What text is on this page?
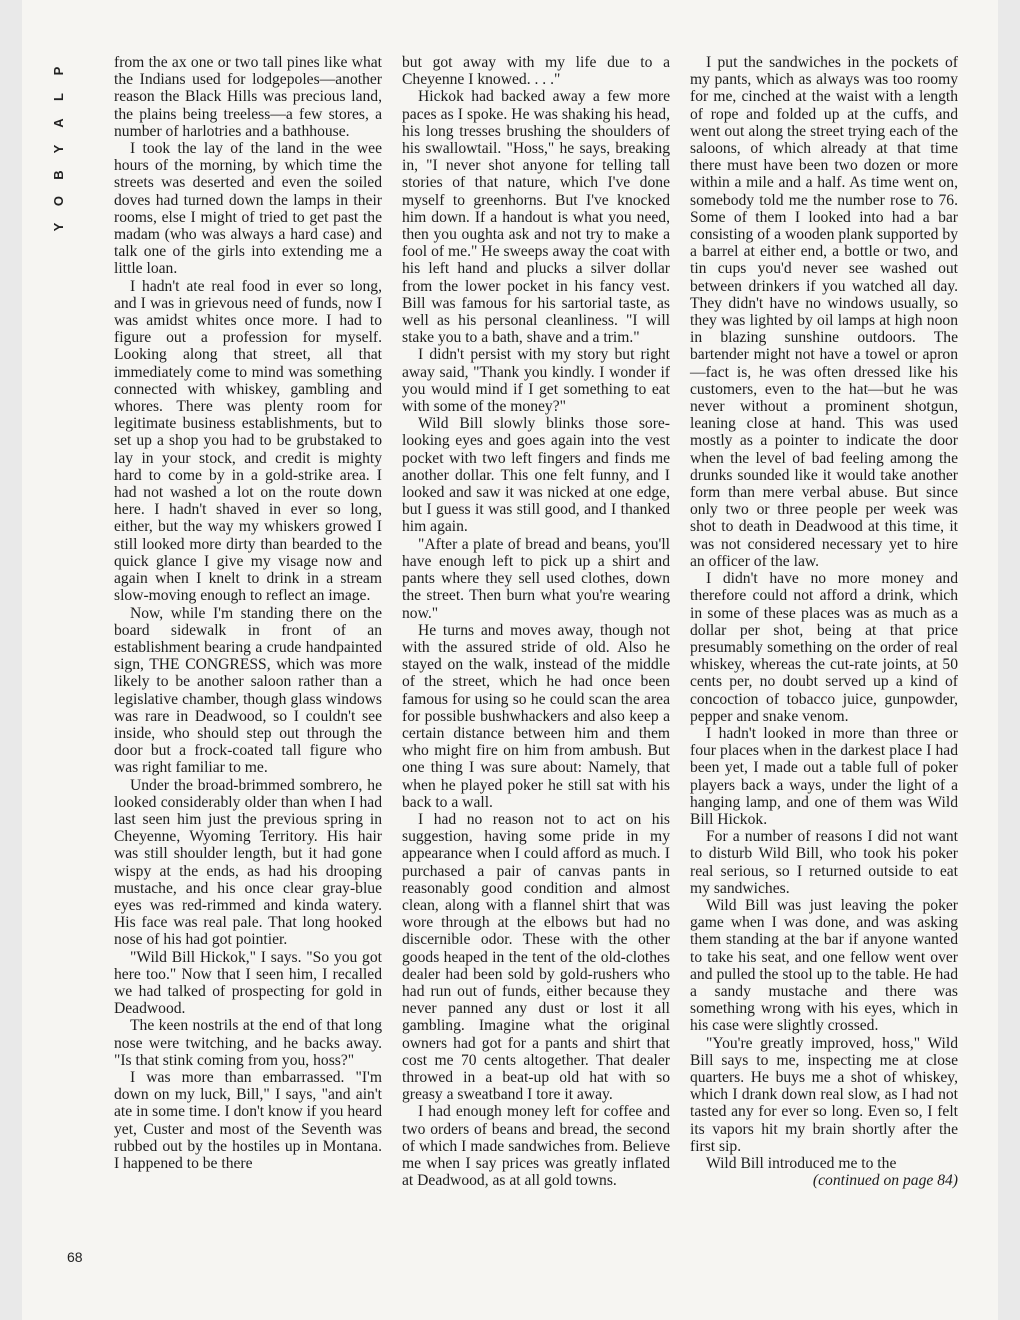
P
L
A
Y
B
O
Y

from the ax one or two tall pines like what the Indians used for lodgepoles—another reason the Black Hills was precious land, the plains being treeless—a few stores, a number of harlotries and a bathhouse.

I took the lay of the land in the wee hours of the morning, by which time the streets was deserted and even the soiled doves had turned down the lamps in their rooms, else I might of tried to get past the madam (who was always a hard case) and talk one of the girls into extending me a little loan.

I hadn't ate real food in ever so long, and I was in grievous need of funds, now I was amidst whites once more. I had to figure out a profession for myself. Looking along that street, all that immediately come to mind was something connected with whiskey, gambling and whores. There was plenty room for legitimate business establishments, but to set up a shop you had to be grubstaked to lay in your stock, and credit is mighty hard to come by in a gold-strike area. I had not washed a lot on the route down here. I hadn't shaved in ever so long, either, but the way my whiskers growed I still looked more dirty than bearded to the quick glance I give my visage now and again when I knelt to drink in a stream slow-moving enough to reflect an image.

Now, while I'm standing there on the board sidewalk in front of an establishment bearing a crude handpainted sign, THE CONGRESS, which was more likely to be another saloon rather than a legislative chamber, though glass windows was rare in Deadwood, so I couldn't see inside, who should step out through the door but a frock-coated tall figure who was right familiar to me.

Under the broad-brimmed sombrero, he looked considerably older than when I had last seen him just the previous spring in Cheyenne, Wyoming Territory. His hair was still shoulder length, but it had gone wispy at the ends, as had his drooping mustache, and his once clear gray-blue eyes was red-rimmed and kinda watery. His face was real pale. That long hooked nose of his had got pointier.

"Wild Bill Hickok," I says. "So you got here too." Now that I seen him, I recalled we had talked of prospecting for gold in Deadwood.

The keen nostrils at the end of that long nose were twitching, and he backs away. "Is that stink coming from you, hoss?"

I was more than embarrassed. "I'm down on my luck, Bill," I says, "and ain't ate in some time. I don't know if you heard yet, Custer and most of the Seventh was rubbed out by the hostiles up in Montana. I happened to be there

but got away with my life due to a Cheyenne I knowed. . . ."

Hickok had backed away a few more paces as I spoke. He was shaking his head, his long tresses brushing the shoulders of his swallowtail. "Hoss," he says, breaking in, "I never shot anyone for telling tall stories of that nature, which I've done myself to greenhorns. But I've knocked him down. If a handout is what you need, then you oughta ask and not try to make a fool of me." He sweeps away the coat with his left hand and plucks a silver dollar from the lower pocket in his fancy vest. Bill was famous for his sartorial taste, as well as his personal cleanliness. "I will stake you to a bath, shave and a trim."

I didn't persist with my story but right away said, "Thank you kindly. I wonder if you would mind if I get something to eat with some of the money?"

Wild Bill slowly blinks those sore-looking eyes and goes again into the vest pocket with two left fingers and finds me another dollar. This one felt funny, and I looked and saw it was nicked at one edge, but I guess it was still good, and I thanked him again.

"After a plate of bread and beans, you'll have enough left to pick up a shirt and pants where they sell used clothes, down the street. Then burn what you're wearing now."

He turns and moves away, though not with the assured stride of old. Also he stayed on the walk, instead of the middle of the street, which he had once been famous for using so he could scan the area for possible bushwhackers and also keep a certain distance between him and them who might fire on him from ambush. But one thing I was sure about: Namely, that when he played poker he still sat with his back to a wall.

I had no reason not to act on his suggestion, having some pride in my appearance when I could afford as much. I purchased a pair of canvas pants in reasonably good condition and almost clean, along with a flannel shirt that was wore through at the elbows but had no discernible odor. These with the other goods heaped in the tent of the old-clothes dealer had been sold by gold-rushers who had run out of funds, either because they never panned any dust or lost it all gambling. Imagine what the original owners had got for a pants and shirt that cost me 70 cents altogether. That dealer throwed in a beat-up old hat with so greasy a sweatband I tore it away.

I had enough money left for coffee and two orders of beans and bread, the second of which I made sandwiches from. Believe me when I say prices was greatly inflated at Deadwood, as at all gold towns.

I put the sandwiches in the pockets of my pants, which as always was too roomy for me, cinched at the waist with a length of rope and folded up at the cuffs, and went out along the street trying each of the saloons, of which already at that time there must have been two dozen or more within a mile and a half. As time went on, somebody told me the number rose to 76. Some of them I looked into had a bar consisting of a wooden plank supported by a barrel at either end, a bottle or two, and tin cups you'd never see washed out between drinkers if you watched all day. They didn't have no windows usually, so they was lighted by oil lamps at high noon in blazing sunshine outdoors. The bartender might not have a towel or apron—fact is, he was often dressed like his customers, even to the hat—but he was never without a prominent shotgun, leaning close at hand. This was used mostly as a pointer to indicate the door when the level of bad feeling among the drunks sounded like it would take another form than mere verbal abuse. But since only two or three people per week was shot to death in Deadwood at this time, it was not considered necessary yet to hire an officer of the law.

I didn't have no more money and therefore could not afford a drink, which in some of these places was as much as a dollar per shot, being at that price presumably something on the order of real whiskey, whereas the cut-rate joints, at 50 cents per, no doubt served up a kind of concoction of tobacco juice, gunpowder, pepper and snake venom.

I hadn't looked in more than three or four places when in the darkest place I had been yet, I made out a table full of poker players back a ways, under the light of a hanging lamp, and one of them was Wild Bill Hickok.

For a number of reasons I did not want to disturb Wild Bill, who took his poker real serious, so I returned outside to eat my sandwiches.

Wild Bill was just leaving the poker game when I was done, and was asking them standing at the bar if anyone wanted to take his seat, and one fellow went over and pulled the stool up to the table. He had a sandy mustache and there was something wrong with his eyes, which in his case were slightly crossed.

"You're greatly improved, hoss," Wild Bill says to me, inspecting me at close quarters. He buys me a shot of whiskey, which I drank down real slow, as I had not tasted any for ever so long. Even so, I felt its vapors hit my brain shortly after the first sip.

Wild Bill introduced me to the

(continued on page 84)

68
